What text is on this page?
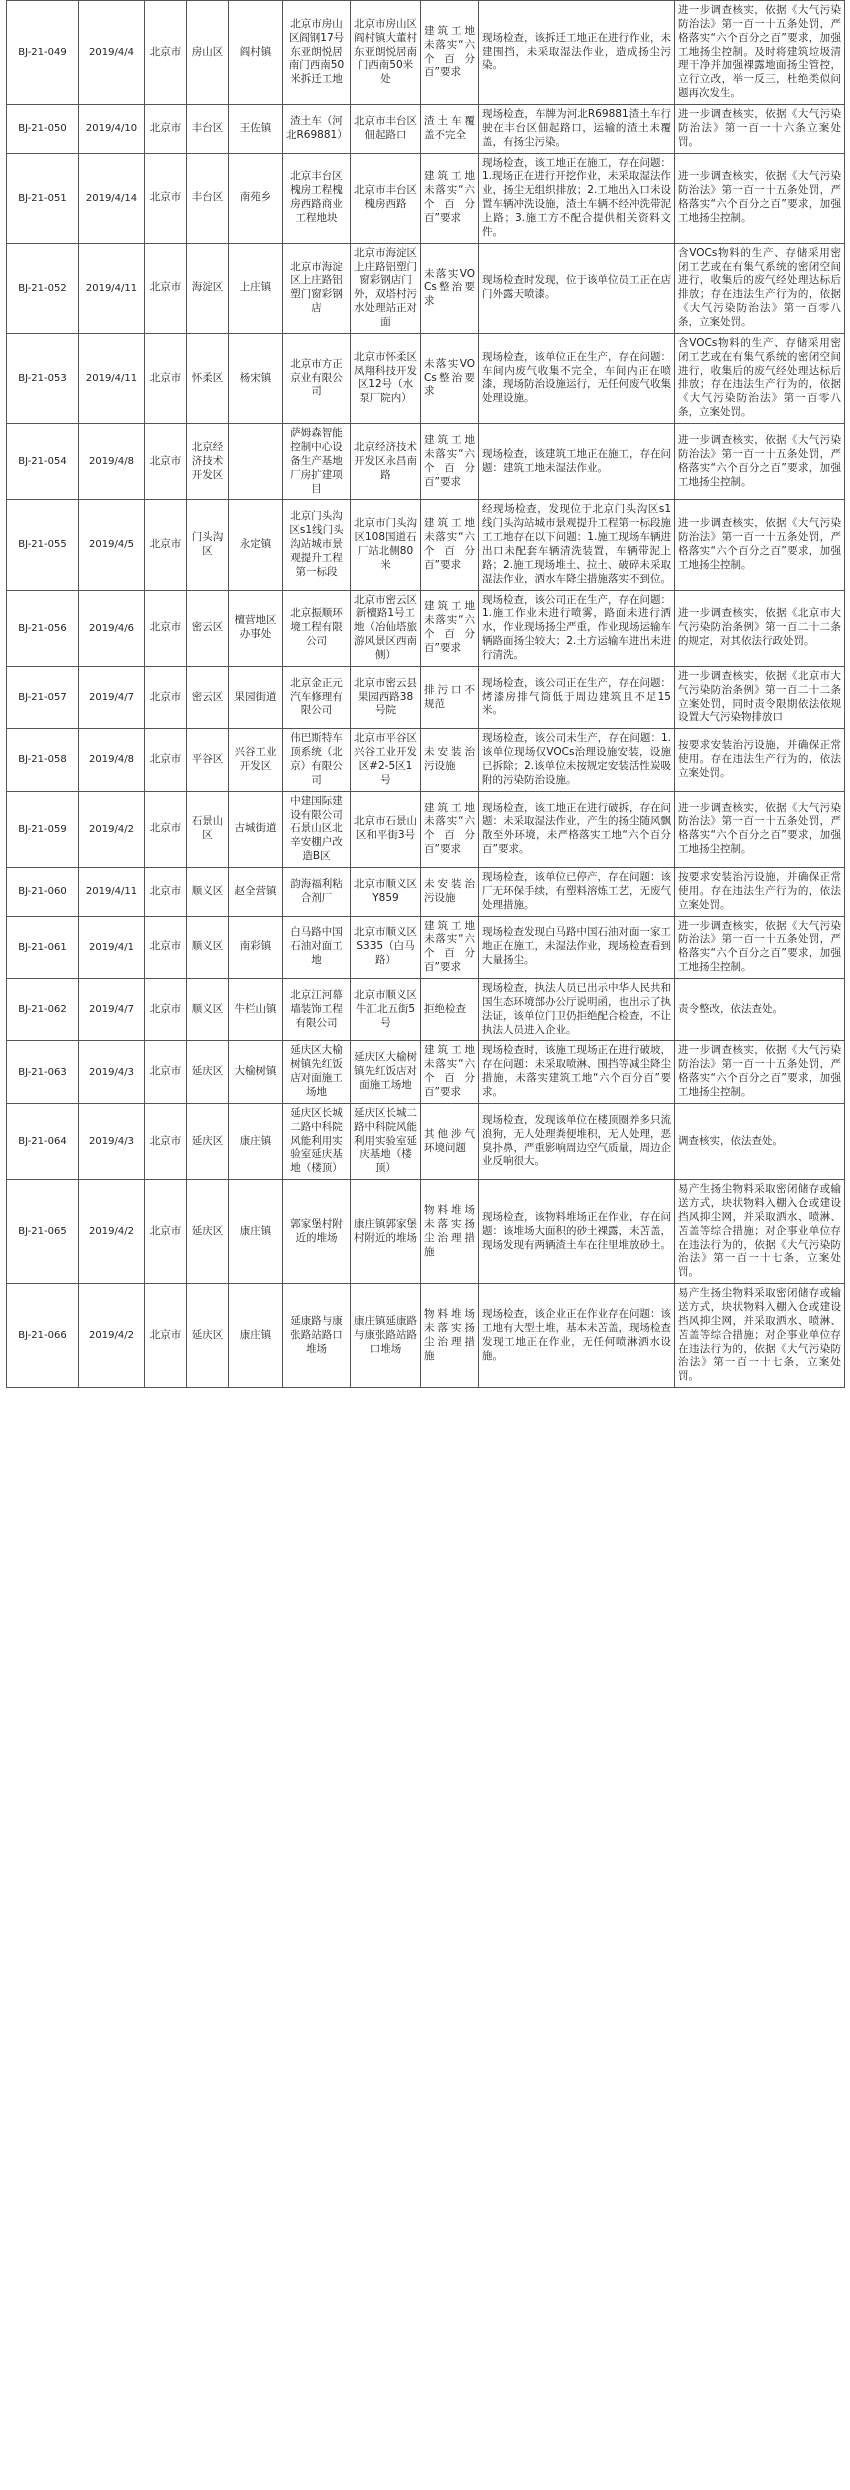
BJ-21-049	2019/4/4	北京市	房山区	阎村镇	北京市房山区阎钢17号东亚朗悦居南门西南50米拆迁工地	北京市房山区阎村镇大董村东亚朗悦居南门西南50米处	建筑工地未落实“六个百分百”要求	现场检查，该拆迁工地正在进行作业，未建围挡，未采取湿法作业，造成扬尘污染。	进一步调查核实，依据《大气污染防治法》第一百一十五条处罚，严格落实“六个百分之百”要求，加强工地扬尘控制。及时将建筑垃圾清理干净并加强裸露地面扬尘管控，立行立改，举一反三，杜绝类似问题再次发生。
BJ-21-050	2019/4/10	北京市	丰台区	王佐镇	渣土车（河北R69881）	北京市丰台区佃起路口	渣土车覆盖不完全	现场检查，车牌为河北R69881渣土车行驶在丰台区佃起路口，运输的渣土未覆盖，有扬尘污染。	进一步调查核实，依据《大气污染防治法》第一百一十六条立案处罚。
BJ-21-051	2019/4/14	北京市	丰台区	南苑乡	北京丰台区槐房工程槐房西路商业工程地块	北京市丰台区槐房西路	建筑工地未落实“六个百分百”要求	现场检查，该工地正在施工，存在问题：1.现场正在进行开挖作业，未采取湿法作业，扬尘无组织排放；2.工地出入口未设置车辆冲洗设施，渣土车辆不经冲洗带泥上路；3.施工方不配合提供相关资料文件。	进一步调查核实，依据《大气污染防治法》第一百一十五条处罚，严格落实“六个百分之百”要求，加强工地扬尘控制。
BJ-21-052	2019/4/11	北京市	海淀区	上庄镇	北京市海淀区上庄路铝塑门窗彩钢店	北京市海淀区上庄路铝塑门窗彩钢店门外，双塔村污水处理站正对面	未落实VOCs整治要求	现场检查时发现，位于该单位员工正在店门外露天喷漆。	含VOCs物料的生产、存储采用密闭工艺或在有集气系统的密闭空间进行，收集后的废气经处理达标后排放；存在违法生产行为的，依据《大气污染防治法》第一百零八条，立案处罚。
BJ-21-053	2019/4/11	北京市	怀柔区	杨宋镇	北京市方正京业有限公司	北京市怀柔区凤翔科技开发区12号（水泵厂院内）	未落实VOCs整治要求	现场检查，该单位正在生产，存在问题：车间内废气收集不完全，车间内正在喷漆，现场防治设施运行，无任何废气收集处理设施。	含VOCs物料的生产、存储采用密闭工艺或在有集气系统的密闭空间进行，收集后的废气经处理达标后排放；存在违法生产行为的，依据《大气污染防治法》第一百零八条，立案处罚。
BJ-21-054	2019/4/8	北京市	北京经济技术开发区		萨姆森智能控制中心设备生产基地厂房扩建项目	北京经济技术开发区永昌南路	建筑工地未落实“六个百分百”要求	现场检查，该建筑工地正在施工，存在问题：建筑工地未湿法作业。	进一步调查核实，依据《大气污染防治法》第一百一十五条处罚，严格落实“六个百分之百”要求，加强工地扬尘控制。
BJ-21-055	2019/4/5	北京市	门头沟区	永定镇	北京门头沟区s1线门头沟站城市景观提升工程第一标段	北京市门头沟区108国道石厂站北侧80米	建筑工地未落实“六个百分百”要求	经现场检查，发现位于北京门头沟区s1线门头沟站城市景观提升工程第一标段施工工地存在以下问题：1.施工现场车辆进出口未配套车辆清洗装置，车辆带泥上路；2.施工现场堆土、拉土、破碎未采取湿法作业，洒水车降尘措施落实不到位。	进一步调查核实，依据《大气污染防治法》第一百一十五条处罚，严格落实“六个百分之百”要求，加强工地扬尘控制。
BJ-21-056	2019/4/6	北京市	密云区	檀营地区办事处	北京振顺环境工程有限公司	北京市密云区新檀路1号工地（冶仙塔旅游风景区西南侧）	建筑工地未落实“六个百分百”要求	现场检查，该公司正在生产，存在问题：1.施工作业未进行喷雾，路面未进行洒水，作业现场扬尘严重，作业现场运输车辆路面扬尘较大；2.土方运输车进出未进行清洗。	进一步调查核实，依据《北京市大气污染防治条例》第一百二十二条的规定，对其依法行政处罚。
BJ-21-057	2019/4/7	北京市	密云区	果园街道	北京金正元汽车修理有限公司	北京市密云县果园西路38号院	排污口不规范	现场检查，该公司正在生产，存在问题：烤漆房排气筒低于周边建筑且不足15米。	进一步调查核实，依据《北京市大气污染防治条例》第一百二十二条立案处罚，同时责令限期依法依规设置大气污染物排放口
BJ-21-058	2019/4/8	北京市	平谷区	兴谷工业开发区	伟巴斯特车顶系统（北京）有限公司	北京市平谷区兴谷工业开发区#2-5区1号	未安装治污设施	现场检查，该公司未生产，存在问题：1.该单位现场仅VOCs治理设施安装，设施已拆除；2.该单位未按规定安装活性炭吸附的污染防治设施。	按要求安装治污设施，并确保正常使用。存在违法生产行为的，依法立案处罚。
BJ-21-059	2019/4/2	北京市	石景山区	古城街道	中建国际建设有限公司石景山区北辛安棚户改造B区	北京市石景山区和平街3号	建筑工地未落实“六个百分百”要求	现场检查，该工地正在进行破拆，存在问题：未采取湿法作业，产生的扬尘随风飘散至外环境，未严格落实工地“六个百分百”要求。	进一步调查核实，依据《大气污染防治法》第一百一十五条处罚，严格落实“六个百分之百”要求，加强工地扬尘控制。
BJ-21-060	2019/4/11	北京市	顺义区	赵全营镇	韵海福利粘合剂厂	北京市顺义区Y859	未安装治污设施	现场检查，该单位已停产，存在问题：该厂无环保手续，有塑料溶炼工艺，无废气处理措施。	按要求安装治污设施，并确保正常使用。存在违法生产行为的，依法立案处罚。
BJ-21-061	2019/4/1	北京市	顺义区	南彩镇	白马路中国石油对面工地	北京市顺义区S335（白马路）	建筑工地未落实“六个百分百”要求	现场检查发现白马路中国石油对面一家工地正在施工，未湿法作业，现场检查看到大量扬尘。	进一步调查核实，依据《大气污染防治法》第一百一十五条处罚，严格落实“六个百分之百”要求，加强工地扬尘控制。
BJ-21-062	2019/4/7	北京市	顺义区	牛栏山镇	北京江河幕墙装饰工程有限公司	北京市顺义区牛汇北五街5号	拒绝检查	现场检查，执法人员已出示中华人民共和国生态环境部办公厅说明函，也出示了执法证，该单位门卫仍拒绝配合检查，不让执法人员进入企业。	责令整改，依法查处。
BJ-21-063	2019/4/3	北京市	延庆区	大榆树镇	延庆区大榆树镇先红饭店对面施工场地	延庆区大榆树镇先红饭店对面施工场地	建筑工地未落实“六个百分百”要求	现场检查时，该施工现场正在进行破坡，存在问题：未采取喷淋、围挡等减尘降尘措施，未落实建筑工地“六个百分百”要求。	进一步调查核实，依据《大气污染防治法》第一百一十五条处罚，严格落实“六个百分之百”要求，加强工地扬尘控制。
BJ-21-064	2019/4/3	北京市	延庆区	康庄镇	延庆区长城二路中科院风能利用实验室延庆基地（楼顶）	延庆区长城二路中科院风能利用实验室延庆基地（楼顶）	其他涉气环境问题	现场检查，发现该单位在楼顶圈养多只流浪狗，无人处理粪便堆积，无人处理，恶臭扑鼻，严重影响周边空气质量，周边企业反响很大。	调查核实，依法查处。
BJ-21-065	2019/4/2	北京市	延庆区	康庄镇	郭家堡村附近的堆场	康庄镇郭家堡村附近的堆场	物料堆场未落实扬尘治理措施	现场检查，该物料堆场正在作业，存在问题：该堆场大面积的砂土裸露，未苫盖，现场发现有两辆渣土车在往里堆放砂土。	易产生扬尘物料采取密闭储存或输送方式，块状物料入棚入仓或建设挡风抑尘网，并采取洒水、喷淋、苫盖等综合措施；对企事业单位存在违法行为的，依据《大气污染防治法》第一百一十七条，立案处罚。
BJ-21-066	2019/4/2	北京市	延庆区	康庄镇	延康路与康张路站路口堆场	康庄镇延康路与康张路站路口堆场	物料堆场未落实扬尘治理措施	现场检查，该企业正在作业存在问题：该工地有大型土堆，基本未苫盖，现场检查发现工地正在作业，无任何喷淋洒水设施。	易产生扬尘物料采取密闭储存或输送方式，块状物料入棚入仓或建设挡风抑尘网，并采取洒水、喷淋、苫盖等综合措施；对企事业单位存在违法行为的，依据《大气污染防治法》第一百一十七条，立案处罚。
